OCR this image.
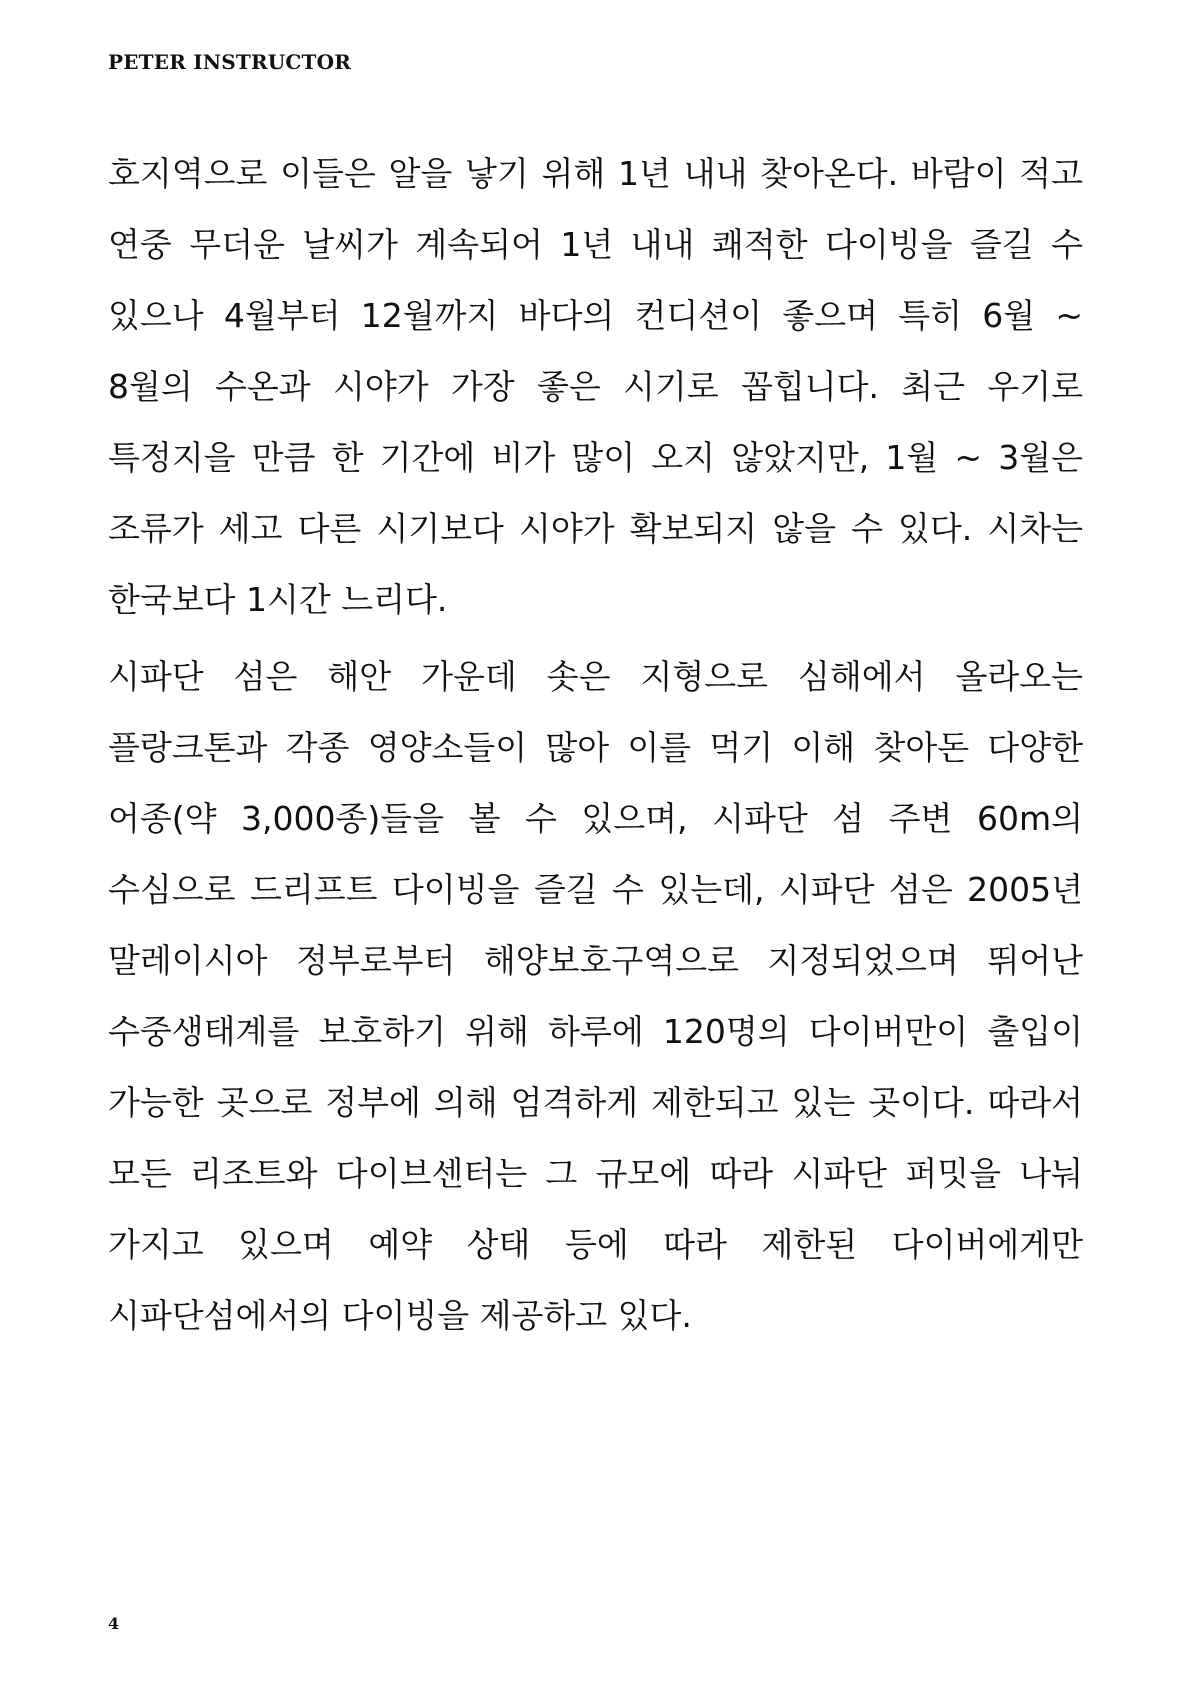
PETER INSTRUCTOR

호지역으로 이들은 알을 낳기 위해 1년 내내 찾아온다. 바람이 적고 연중 무더운 날씨가 계속되어 1년 내내 쾌적한 다이빙을 즐길 수 있으나 4월부터 12월까지 바다의 컨디션이 좋으며 특히 6월 ~ 8월의 수온과 시야가 가장 좋은 시기로 꼽힙니다. 최근 우기로 특정지을 만큼 한 기간에 비가 많이 오지 않았지만, 1월 ~ 3월은 조류가 세고 다른 시기보다 시야가 확보되지 않을 수 있다. 시차는 한국보다 1시간 느리다.

시파단 섬은 해안 가운데 솟은 지형으로 심해에서 올라오는 플랑크톤과 각종 영양소들이 많아 이를 먹기 이해 찾아돈 다양한 어종(약 3,000종)들을 볼 수 있으며, 시파단 섬 주변 60m의 수심으로 드리프트 다이빙을 즐길 수 있는데, 시파단 섬은 2005년 말레이시아 정부로부터 해양보호구역으로 지정되었으며 뛰어난 수중생태계를 보호하기 위해 하루에 120명의 다이버만이 출입이 가능한 곳으로 정부에 의해 엄격하게 제한되고 있는 곳이다. 따라서 모든 리조트와 다이브센터는 그 규모에 따라 시파단 퍼밋을 나눠 가지고 있으며 예약 상태 등에 따라 제한된 다이버에게만 시파단섬에서의 다이빙을 제공하고 있다.

4
